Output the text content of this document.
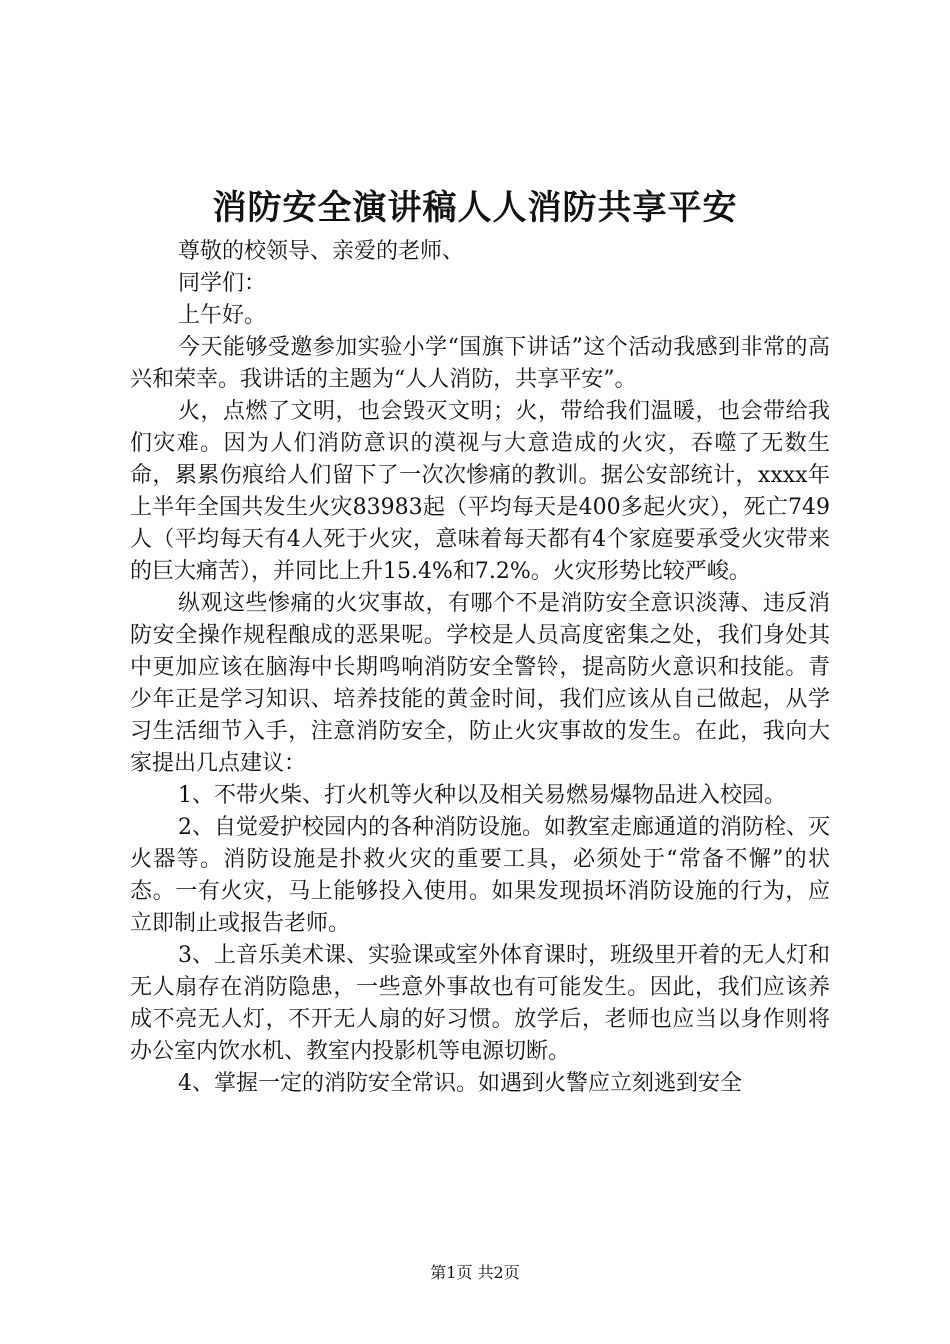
消防安全演讲稿人人消防共享平安

尊敬的校领导、亲爱的老师、

同学们：

上午好。

今天能够受邀参加实验小学“国旗下讲话”这个活动我感到非常的高兴和荣幸。我讲话的主题为“人人消防，共享平安”。

火，点燃了文明，也会毁灭文明；火，带给我们温暖，也会带给我们灾难。因为人们消防意识的漠视与大意造成的火灾，吞噬了无数生命，累累伤痕给人们留下了一次次惨痛的教训。据公安部统计，xxxx年上半年全国共发生火灾83983起（平均每天是400多起火灾），死亡749人（平均每天有4人死于火灾，意味着每天都有4个家庭要承受火灾带来的巨大痛苦），并同比上升15.4%和7.2%。火灾形势比较严峻。

纵观这些惨痛的火灾事故，有哪个不是消防安全意识淡薄、违反消防安全操作规程酿成的恶果呢。学校是人员高度密集之处，我们身处其中更加应该在脑海中长期鸣响消防安全警铃，提高防火意识和技能。青少年正是学习知识、培养技能的黄金时间，我们应该从自己做起，从学习生活细节入手，注意消防安全，防止火灾事故的发生。在此，我向大家提出几点建议：

1、不带火柴、打火机等火种以及相关易燃易爆物品进入校园。

2、自觉爱护校园内的各种消防设施。如教室走廊通道的消防栓、灭火器等。消防设施是扑救火灾的重要工具，必须处于“常备不懈”的状态。一有火灾，马上能够投入使用。如果发现损坏消防设施的行为，应立即制止或报告老师。

3、上音乐美术课、实验课或室外体育课时，班级里开着的无人灯和无人扇存在消防隐患，一些意外事故也有可能发生。因此，我们应该养成不亮无人灯，不开无人扇的好习惯。放学后，老师也应当以身作则将办公室内饮水机、教室内投影机等电源切断。

4、掌握一定的消防安全常识。如遇到火警应立刻逃到安全

第1页 共2页
